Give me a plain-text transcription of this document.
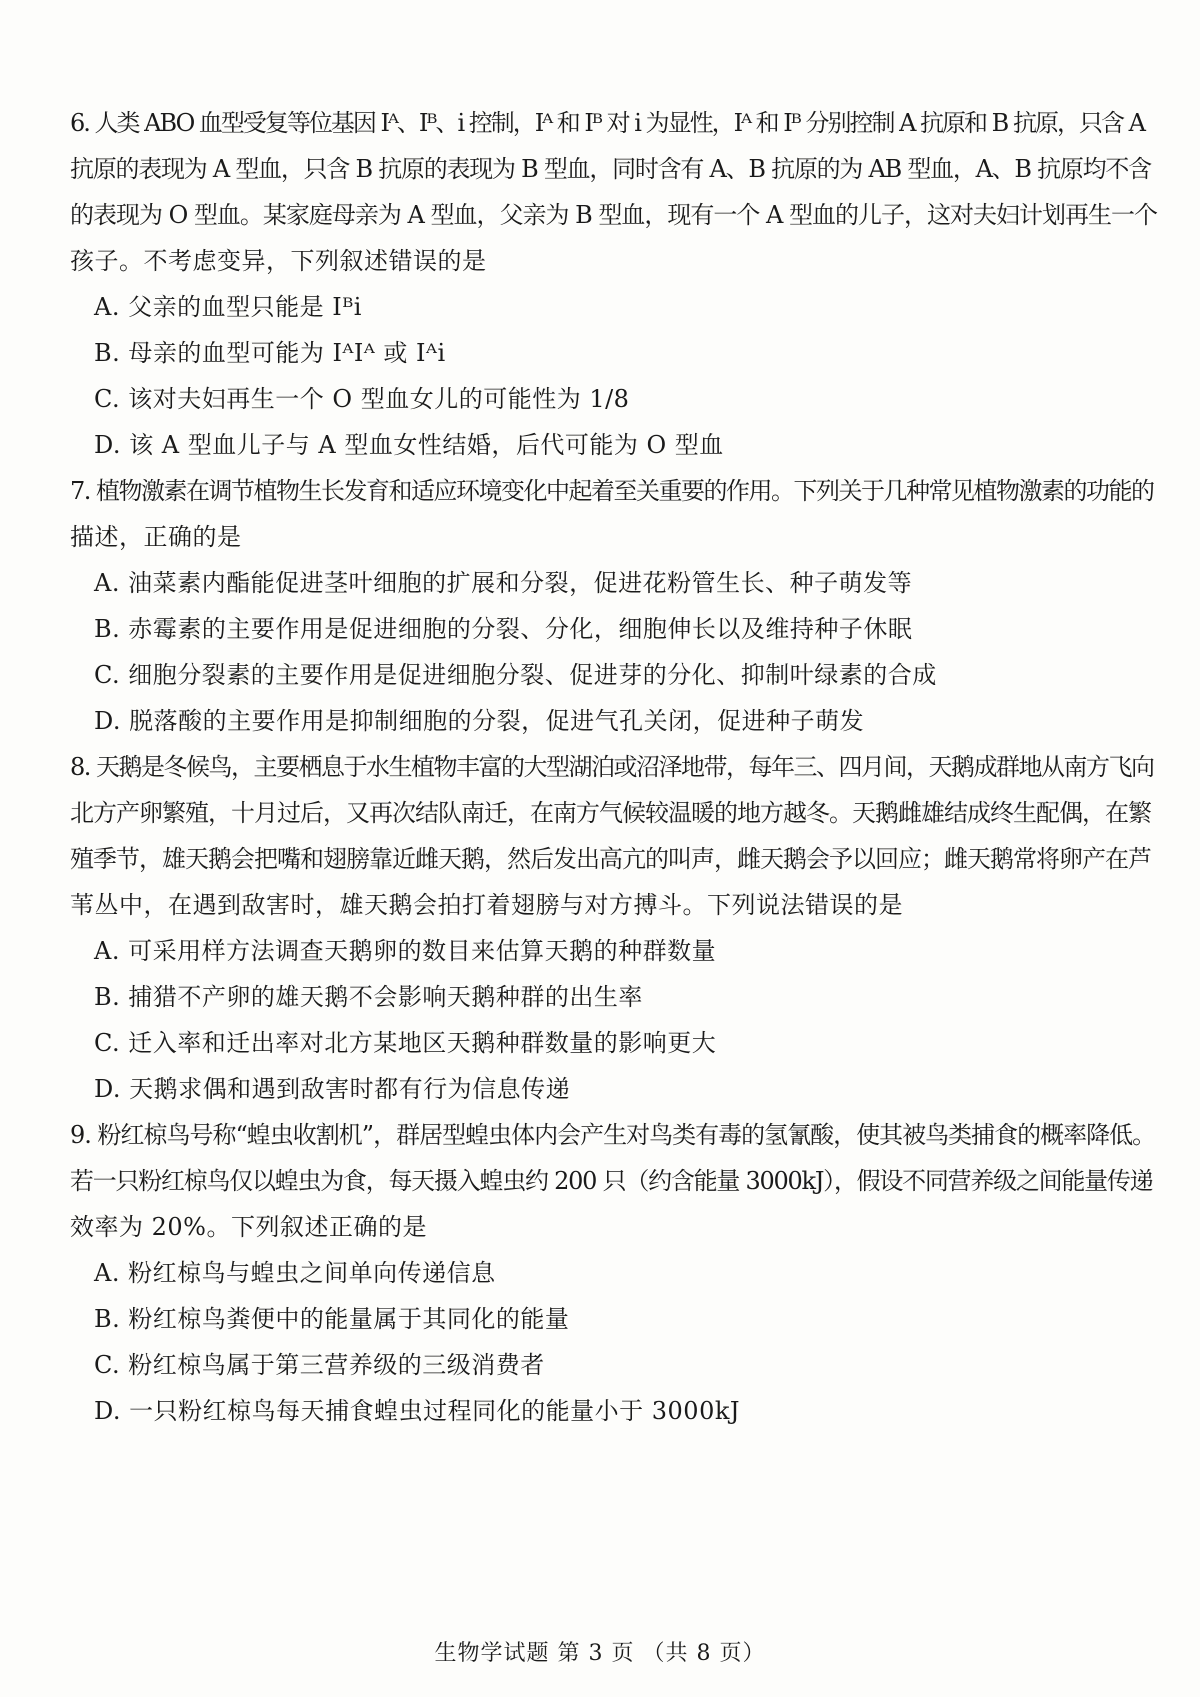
6. 人类 ABO 血型受复等位基因 Iᴬ、Iᴮ、i 控制，Iᴬ 和 Iᴮ 对 i 为显性，Iᴬ 和 Iᴮ 分别控制 A 抗原和 B 抗原，只含 A
抗原的表现为 A 型血，只含 B 抗原的表现为 B 型血，同时含有 A、B 抗原的为 AB 型血，A、B 抗原均不含
的表现为 O 型血。某家庭母亲为 A 型血，父亲为 B 型血，现有一个 A 型血的儿子，这对夫妇计划再生一个
孩子。不考虑变异，下列叙述错误的是
A. 父亲的血型只能是 Iᴮi
B. 母亲的血型可能为 IᴬIᴬ 或 Iᴬi
C. 该对夫妇再生一个 O 型血女儿的可能性为 1/8
D. 该 A 型血儿子与 A 型血女性结婚，后代可能为 O 型血
7. 植物激素在调节植物生长发育和适应环境变化中起着至关重要的作用。下列关于几种常见植物激素的功能的
描述，正确的是
A. 油菜素内酯能促进茎叶细胞的扩展和分裂，促进花粉管生长、种子萌发等
B. 赤霉素的主要作用是促进细胞的分裂、分化，细胞伸长以及维持种子休眠
C. 细胞分裂素的主要作用是促进细胞分裂、促进芽的分化、抑制叶绿素的合成
D. 脱落酸的主要作用是抑制细胞的分裂，促进气孔关闭，促进种子萌发
8. 天鹅是冬候鸟，主要栖息于水生植物丰富的大型湖泊或沼泽地带，每年三、四月间，天鹅成群地从南方飞向
北方产卵繁殖，十月过后，又再次结队南迁，在南方气候较温暖的地方越冬。天鹅雌雄结成终生配偶，在繁
殖季节，雄天鹅会把嘴和翅膀靠近雌天鹅，然后发出高亢的叫声，雌天鹅会予以回应；雌天鹅常将卵产在芦
苇丛中，在遇到敌害时，雄天鹅会拍打着翅膀与对方搏斗。下列说法错误的是
A. 可采用样方法调查天鹅卵的数目来估算天鹅的种群数量
B. 捕猎不产卵的雄天鹅不会影响天鹅种群的出生率
C. 迁入率和迁出率对北方某地区天鹅种群数量的影响更大
D. 天鹅求偶和遇到敌害时都有行为信息传递
9. 粉红椋鸟号称“蝗虫收割机”，群居型蝗虫体内会产生对鸟类有毒的氢氰酸，使其被鸟类捕食的概率降低。
若一只粉红椋鸟仅以蝗虫为食，每天摄入蝗虫约 200 只（约含能量 3000kJ），假设不同营养级之间能量传递
效率为 20%。下列叙述正确的是
A. 粉红椋鸟与蝗虫之间单向传递信息
B. 粉红椋鸟粪便中的能量属于其同化的能量
C. 粉红椋鸟属于第三营养级的三级消费者
D. 一只粉红椋鸟每天捕食蝗虫过程同化的能量小于 3000kJ
生物学试题 第 3 页 （共 8 页）
